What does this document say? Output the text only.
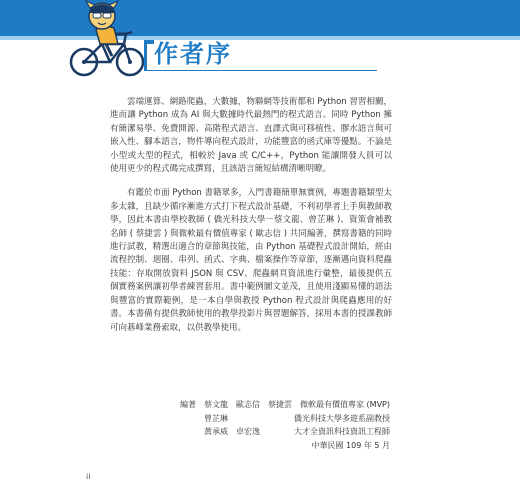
作者序

雲端運算、網路爬蟲，大數據，物聯網等技術都和 Python 習習相關，進而讓 Python 成為 AI 與大數據時代最熱門的程式語言。同時 Python 擁有簡潔易學、免費開源、高階程式語言、直譯式與可移植性、膠水語言與可嵌入性、腳本語言，物件導向程式設計，功能豐富的函式庫等優點。不論是小型或大型的程式，相較於 Java 或 C/C++，Python 能讓開發人員可以使用更少的程式碼完成撰寫，且該語言簡短結構清晰明瞭。

有鑑於市面 Python 書籍眾多，入門書籍簡單無實例，專題書籍類型太多太雜，且缺少循序漸進方式打下程式設計基礎，不利初學者上手與教師教學，因此本書由學校教師 ( 僑光科技大學－蔡文龍、曾芷琳 )、資策會補教名師 ( 蔡捷雲 ) 與微軟最有價值專家 ( 歐志信 ) 共同編著，撰寫書籍的同時進行試教，精選出適合的章節與技能，由 Python 基礎程式設計開始，經由流程控制、迴圈、串列、函式、字典、檔案操作等章節，逐漸邁向資料爬蟲技能：存取開放資料 JSON 與 CSV、爬蟲網頁資訊進行彙整，最後提供五個實務案例讓初學者練習套用。書中範例圖文並茂，且使用淺顯易懂的語法與豐富的實際範例，是一本自學與教授 Python 程式設計與爬蟲應用的好書。本書備有提供教師使用的教學投影片與習題解答，採用本書的授課教師可向碁峰業務索取，以供教學使用。

編著　蔡文龍　歐志信　蔡捷雲 微軟最有價值專家 (MVP)
　　　曾芷琳	僑光科技大學多遊系副教授
　　　黃承威　卓宏逸	大才全資訊科技資訊工程師
中華民國 109 年 5 月
ii
